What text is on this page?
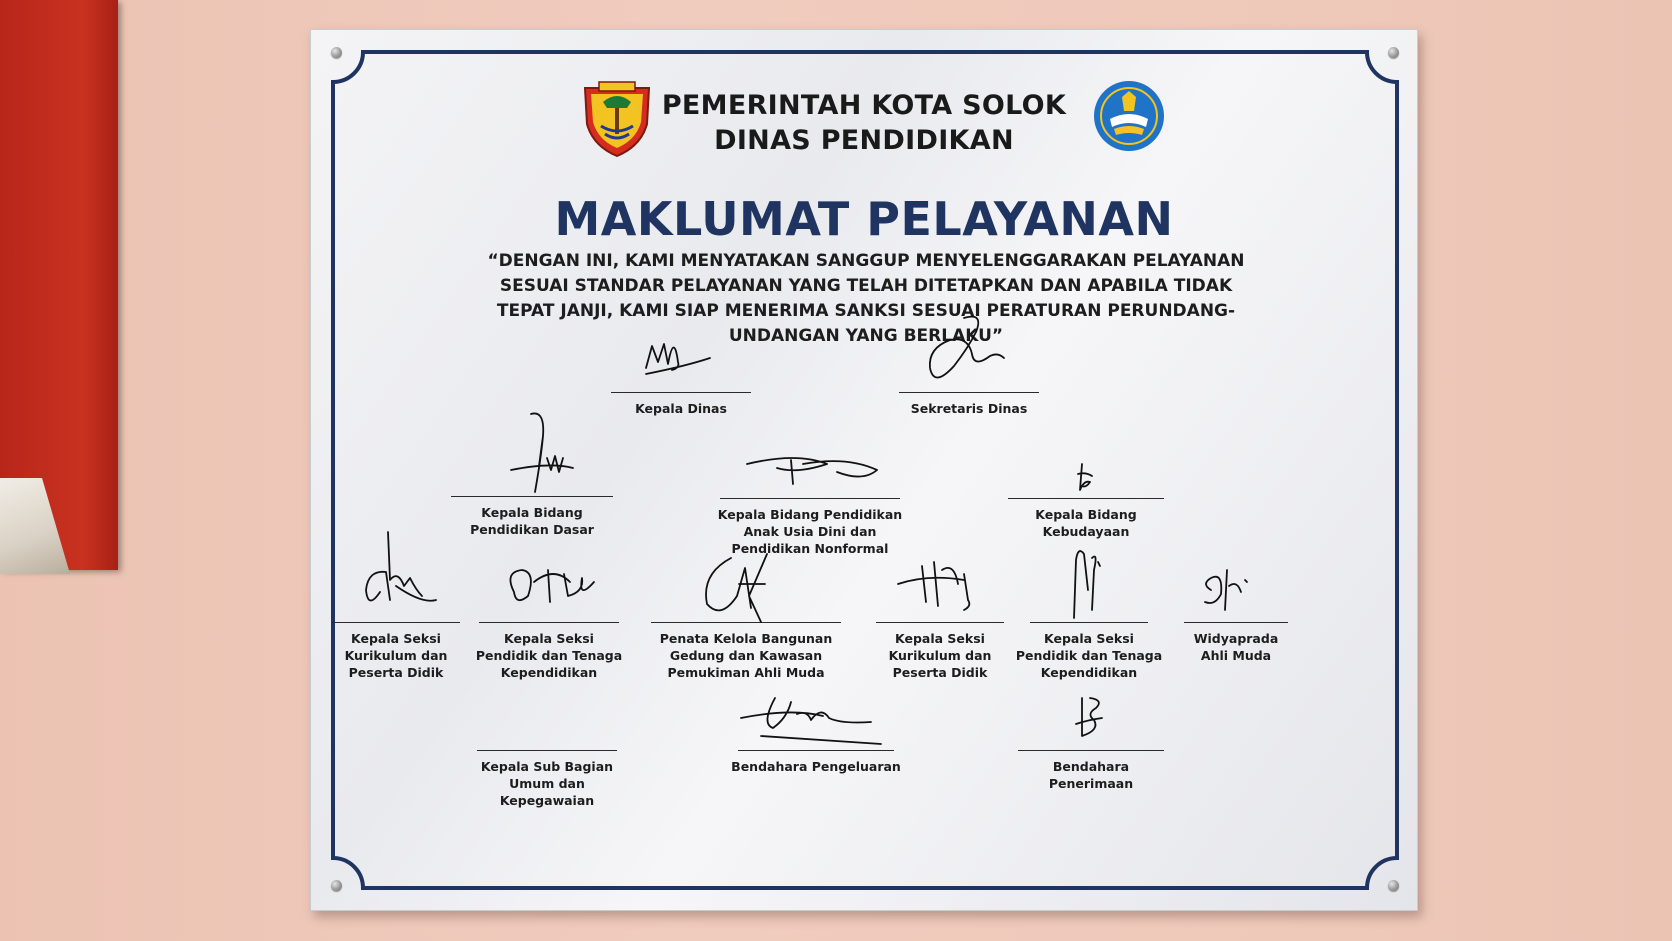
PEMERINTAH KOTA SOLOK
DINAS PENDIDIKAN
MAKLUMAT PELAYANAN
“DENGAN INI, KAMI MENYATAKAN SANGGUP MENYELENGGARAKAN PELAYANAN SESUAI STANDAR PELAYANAN YANG TELAH DITETAPKAN DAN APABILA TIDAK TEPAT JANJI, KAMI SIAP MENERIMA SANKSI SESUAI PERATURAN PERUNDANG-UNDANGAN YANG BERLAKU”
Kepala Dinas	Sekretaris Dinas
Kepala Bidang Pendidikan Dasar
Kepala Bidang Pendidikan Anak Usia Dini dan Pendidikan Nonformal
Kepala Bidang Kebudayaan
Kepala Seksi Kurikulum dan Peserta Didik
Kepala Seksi Pendidik dan Tenaga Kependidikan
Penata Kelola Bangunan Gedung dan Kawasan Pemukiman Ahli Muda
Kepala Seksi Kurikulum dan Peserta Didik
Kepala Seksi Pendidik dan Tenaga Kependidikan
Widyaprada Ahli Muda
Kepala Sub Bagian Umum dan Kepegawaian
Bendahara Pengeluaran	Bendahara Penerimaan
